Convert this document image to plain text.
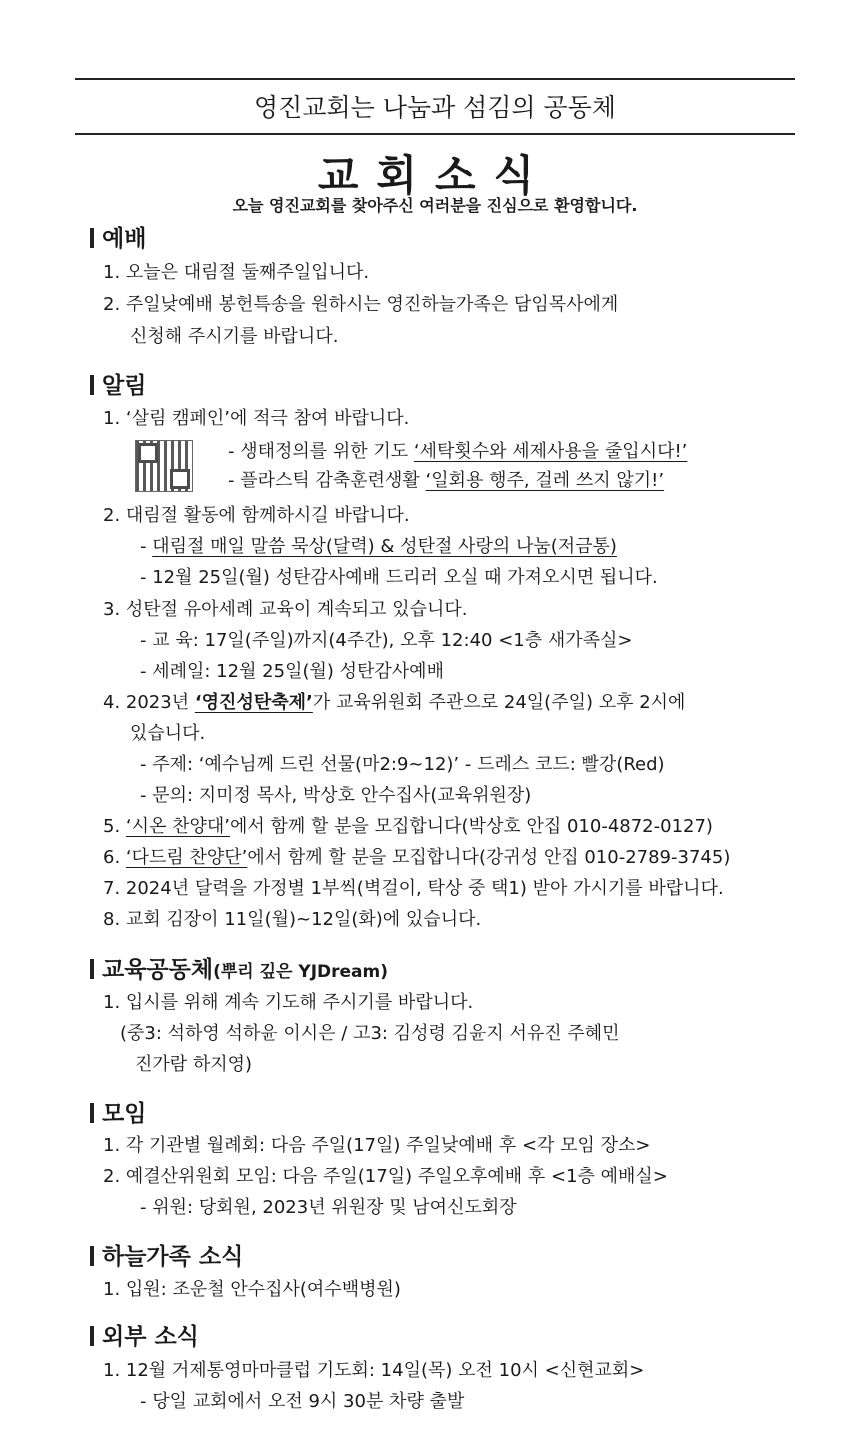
영진교회는 나눔과 섬김의 공동체
교회소식
오늘 영진교회를 찾아주신 여러분을 진심으로 환영합니다.
예배
1. 오늘은 대림절 둘째주일입니다.
2. 주일낮예배 봉헌특송을 원하시는 영진하늘가족은 담임목사에게
신청해 주시기를 바랍니다.
알림
1. ‘살림 캠페인’에 적극 참여 바랍니다.
- 생태정의를 위한 기도 ‘세탁횟수와 세제사용을 줄입시다!’
- 플라스틱 감축훈련생활 ‘일회용 행주, 걸레 쓰지 않기!’
2. 대림절 활동에 함께하시길 바랍니다.
- 대림절 매일 말씀 묵상(달력) & 성탄절 사랑의 나눔(저금통)
- 12월 25일(월) 성탄감사예배 드리러 오실 때 가져오시면 됩니다.
3. 성탄절 유아세례 교육이 계속되고 있습니다.
- 교 육: 17일(주일)까지(4주간), 오후 12:40 <1층 새가족실>
- 세례일: 12월 25일(월) 성탄감사예배
4. 2023년 ‘영진성탄축제’가 교육위원회 주관으로 24일(주일) 오후 2시에
있습니다.
- 주제: ‘예수님께 드린 선물(마2:9~12)’ - 드레스 코드: 빨강(Red)
- 문의: 지미정 목사, 박상호 안수집사(교육위원장)
5. ‘시온 찬양대’에서 함께 할 분을 모집합니다(박상호 안집 010-4872-0127)
6. ‘다드림 찬양단’에서 함께 할 분을 모집합니다(강귀성 안집 010-2789-3745)
7. 2024년 달력을 가정별 1부씩(벽걸이, 탁상 중 택1) 받아 가시기를 바랍니다.
8. 교회 김장이 11일(월)~12일(화)에 있습니다.
교육공동체(뿌리 깊은 YJDream)
1. 입시를 위해 계속 기도해 주시기를 바랍니다.
(중3: 석하영 석하윤 이시은 / 고3: 김성령 김윤지 서유진 주혜민
진가람 하지영)
모임
1. 각 기관별 월례회: 다음 주일(17일) 주일낮예배 후 <각 모임 장소>
2. 예결산위원회 모임: 다음 주일(17일) 주일오후예배 후 <1층 예배실>
- 위원: 당회원, 2023년 위원장 및 남여신도회장
하늘가족 소식
1. 입원: 조운철 안수집사(여수백병원)
외부 소식
1. 12월 거제통영마마클럽 기도회: 14일(목) 오전 10시 <신현교회>
- 당일 교회에서 오전 9시 30분 차량 출발
